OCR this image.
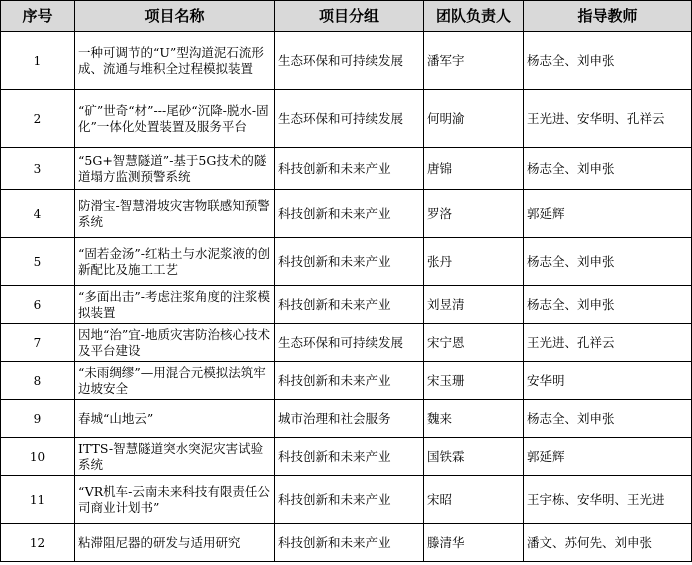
序号	项目名称	项目分组	团队负责人	指导教师
1	一种可调节的“U”型沟道泥石流形成、流通与堆积全过程模拟装置	生态环保和可持续发展	潘军宇	杨志全、刘申张
2	“矿”世奇“材”---尾砂“沉降-脱水-固化”一体化处置装置及服务平台	生态环保和可持续发展	何明渝	王光进、安华明、孔祥云
3	“5G+智慧隧道”-基于5G技术的隧道塌方监测预警系统	科技创新和未来产业	唐锦	杨志全、刘申张
4	防滑宝-智慧滑坡灾害物联感知预警系统	科技创新和未来产业	罗洛	郭延辉
5	“固若金汤”-红粘土与水泥浆液的创新配比及施工工艺	科技创新和未来产业	张丹	杨志全、刘申张
6	“多面出击”-考虑注浆角度的注浆模拟装置	科技创新和未来产业	刘昱清	杨志全、刘申张
7	因地“治”宜-地质灾害防治核心技术及平台建设	生态环保和可持续发展	宋宁恩	王光进、孔祥云
8	“未雨绸缪”—用混合元模拟法筑牢边坡安全	科技创新和未来产业	宋玉珊	安华明
9	春城“山地云”	城市治理和社会服务	魏来	杨志全、刘申张
10	ITTS-智慧隧道突水突泥灾害试验系统	科技创新和未来产业	国铁霖	郭延辉
11	“VR机车-云南未来科技有限责任公司商业计划书”	科技创新和未来产业	宋昭	王宇栋、安华明、王光进
12	粘滞阻尼器的研发与适用研究	科技创新和未来产业	滕清华	潘文、苏何先、刘申张
